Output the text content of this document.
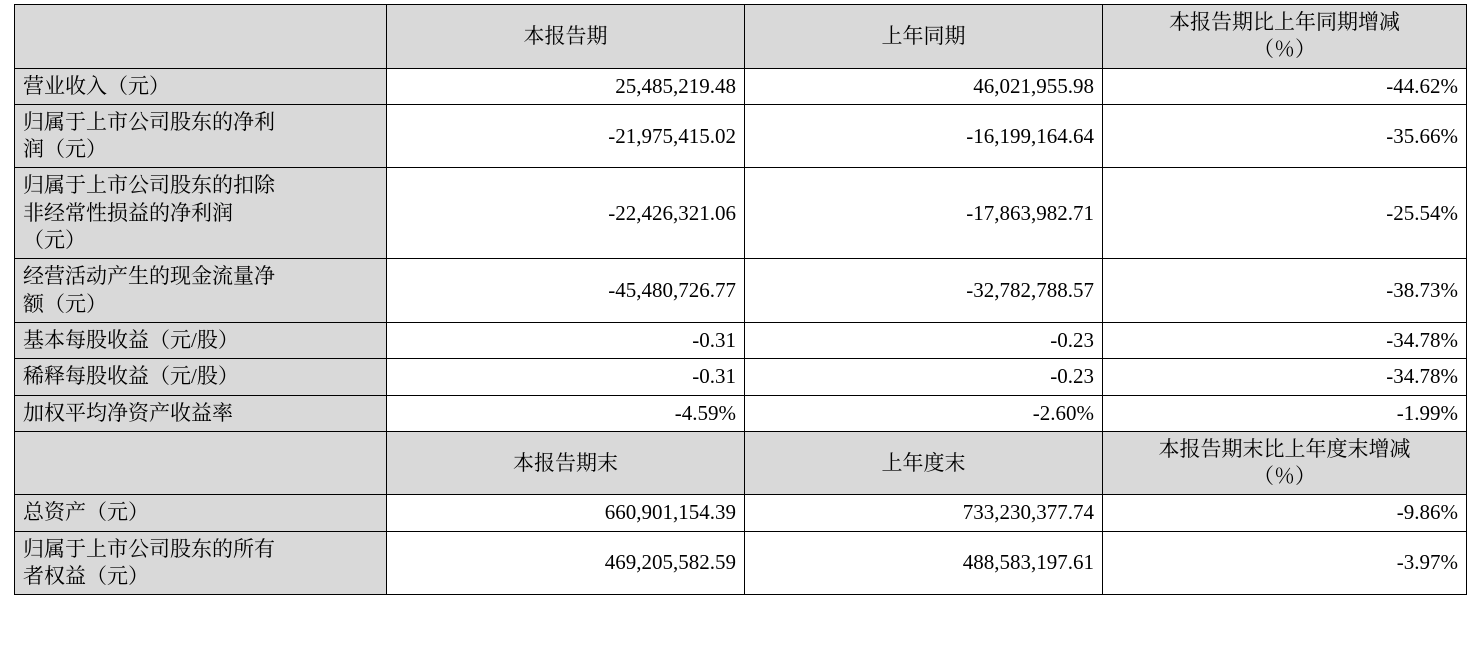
	本报告期	上年同期	本报告期比上年同期增减
（％）

营业收入（元）	25,485,219.48	46,021,955.98	-44.62%

归属于上市公司股东的净利
润（元）	-21,975,415.02	-16,199,164.64	-35.66%

归属于上市公司股东的扣除
非经常性损益的净利润
（元）	-22,426,321.06	-17,863,982.71	-25.54%

经营活动产生的现金流量净
额（元）	-45,480,726.77	-32,782,788.57	-38.73%

基本每股收益（元/股）	-0.31	-0.23	-34.78%

稀释每股收益（元/股）	-0.31	-0.23	-34.78%

加权平均净资产收益率	-4.59%	-2.60%	-1.99%
	本报告期末	上年度末	本报告期末比上年度末增减
（％）

总资产（元）	660,901,154.39	733,230,377.74	-9.86%

归属于上市公司股东的所有
者权益（元）	469,205,582.59	488,583,197.61	-3.97%
